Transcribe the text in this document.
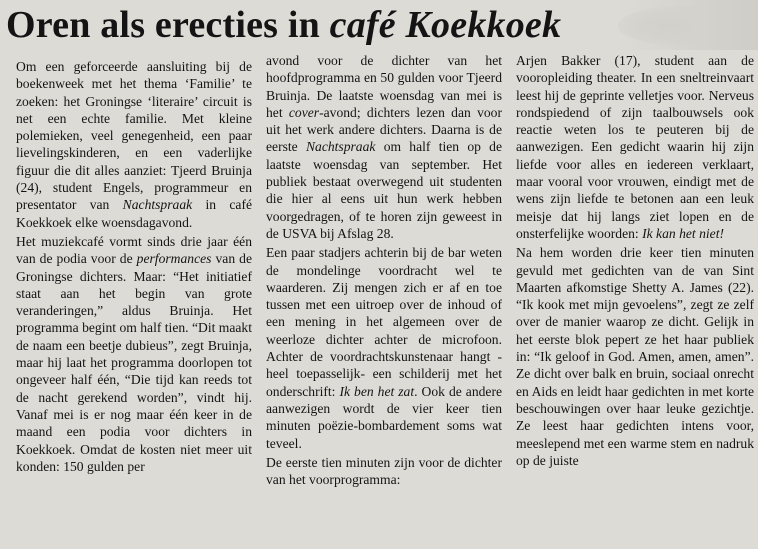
Oren als erecties in café Koekkoek

Om een geforceerde aansluiting bij de boekenweek met het thema ‘Familie’ te zoeken: het Groningse ‘literaire’ circuit is net een echte familie. Met kleine polemieken, veel genegenheid, een paar lievelingskinderen, en een vaderlijke figuur die dit alles aanziet: Tjeerd Bruinja (24), student Engels, programmeur en presentator van Nachtspraak in café Koekkoek elke woensdagavond.

Het muziekcafé vormt sinds drie jaar één van de podia voor de performances van de Groningse dichters. Maar: “Het initiatief staat aan het begin van grote veranderingen,” aldus Bruinja. Het programma begint om half tien. “Dit maakt de naam een beetje dubieus”, zegt Bruinja, maar hij laat het programma doorlopen tot ongeveer half één, “Die tijd kan reeds tot de nacht gerekend worden”, vindt hij. Vanaf mei is er nog maar één keer in de maand een podia voor dichters in Koekkoek. Omdat de kosten niet meer uit konden: 150 gulden per

avond voor de dichter van het hoofdprogramma en 50 gulden voor Tjeerd Bruinja. De laatste woensdag van mei is het cover-avond; dichters lezen dan voor uit het werk andere dichters. Daarna is de eerste Nachtspraak om half tien op de laatste woensdag van september. Het publiek bestaat overwegend uit studenten die hier al eens uit hun werk hebben voorgedragen, of te horen zijn geweest in de USVA bij Afslag 28.

Een paar stadjers achterin bij de bar weten de mondelinge voordracht wel te waarderen. Zij mengen zich er af en toe tussen met een uitroep over de inhoud of een mening in het algemeen over de weerloze dichter achter de microfoon. Achter de voordrachtskunstenaar hangt -heel toepasselijk- een schilderij met het onderschrift: Ik ben het zat. Ook de andere aanwezigen wordt de vier keer tien minuten poëzie-bombardement soms wat teveel.

De eerste tien minuten zijn voor de dichter van het voorprogramma:

Arjen Bakker (17), student aan de vooropleiding theater. In een sneltreinvaart leest hij de geprinte velletjes voor. Nerveus rondspiedend of zijn taalbouwsels ook reactie weten los te peuteren bij de aanwezigen. Een gedicht waarin hij zijn liefde voor alles en iedereen verklaart, maar vooral voor vrouwen, eindigt met de wens zijn liefde te betonen aan een leuk meisje dat hij langs ziet lopen en de onsterfelijke woorden: Ik kan het niet!

Na hem worden drie keer tien minuten gevuld met gedichten van de van Sint Maarten afkomstige Shetty A. James (22). “Ik kook met mijn gevoelens”, zegt ze zelf over de manier waarop ze dicht. Gelijk in het eerste blok pepert ze het haar publiek in: “Ik geloof in God. Amen, amen, amen”. Ze dicht over balk en bruin, sociaal onrecht en Aids en leidt haar gedichten in met korte beschouwingen over haar leuke gezichtje. Ze leest haar gedichten intens voor, meeslepend met een warme stem en nadruk op de juiste
